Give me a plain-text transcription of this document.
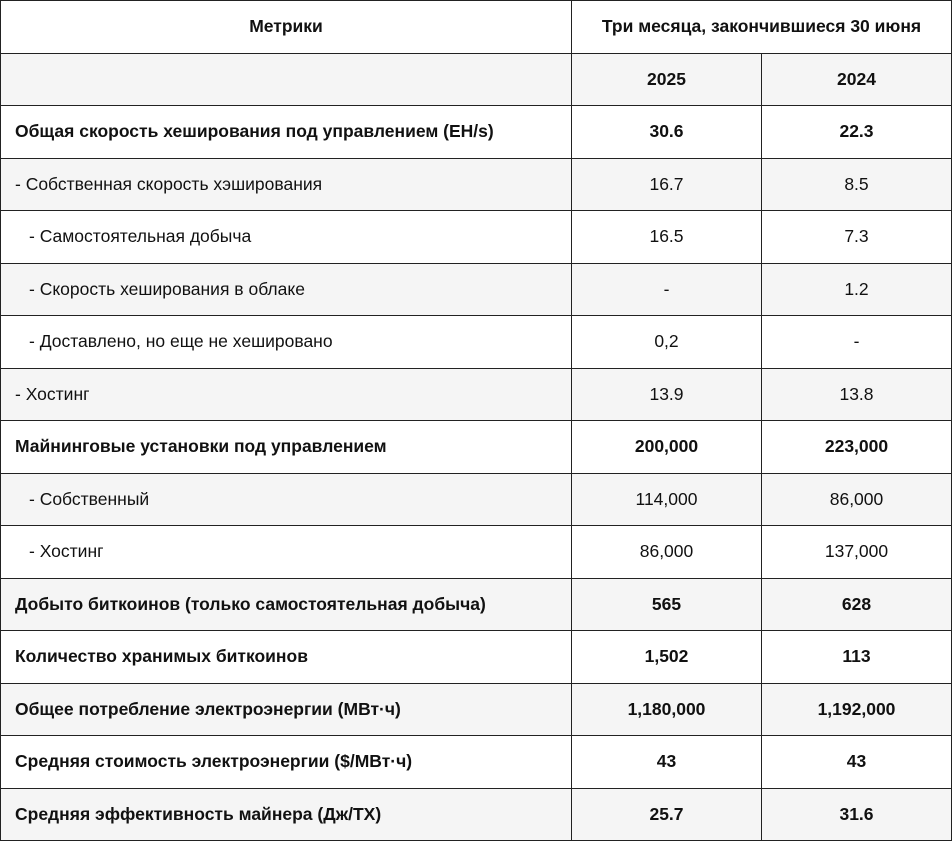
Метрики	Три месяца, закончившиеся 30 июня	
	2025	2024
Общая скорость хеширования под управлением (EH/s)	30.6	22.3
- Собственная скорость хэширования	16.7	8.5
- Самостоятельная добыча	16.5	7.3
- Скорость хеширования в облаке	-	1.2
- Доставлено, но еще не хешировано	0,2	-
- Хостинг	13.9	13.8
Майнинговые установки под управлением	200,000	223,000
- Собственный	114,000	86,000
- Хостинг	86,000	137,000
Добыто биткоинов (только самостоятельная добыча)	565	628
Количество хранимых биткоинов	1,502	113
Общее потребление электроэнергии (МВт·ч)	1,180,000	1,192,000
Средняя стоимость электроэнергии ($/МВт·ч)	43	43
Средняя эффективность майнера (Дж/TX)	25.7	31.6
